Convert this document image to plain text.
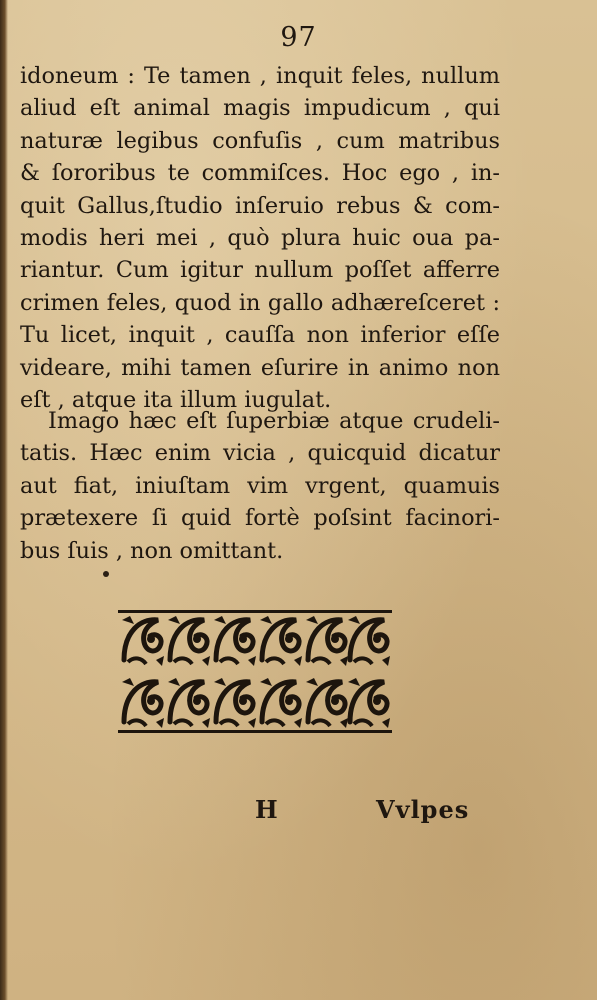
97
idoneum : Te tamen , inquit feles, nullum
aliud eſt animal magis impudicum , qui
naturæ legibus confuſis , cum matribus
& ſororibus te commiſces. Hoc ego , in-
quit Gallus,ſtudio inſeruio rebus & com-
modis heri mei , quò plura huic oua pa-
riantur. Cum igitur nullum poſſet afferre
crimen feles, quod in gallo adhæreſceret :
Tu licet, inquit , cauſſa non inferior eſſe
videare, mihi tamen eſurire in animo non
eſt , atque ita illum iugulat.
Imago hæc eſt ſuperbiæ atque crudeli-
tatis. Hæc enim vicia , quicquid dicatur
aut fiat, iniuſtam vim vrgent, quamuis
prætexere ſi quid fortè poſsint facinori-
bus ſuis , non omittant.
H	Vvlpes
